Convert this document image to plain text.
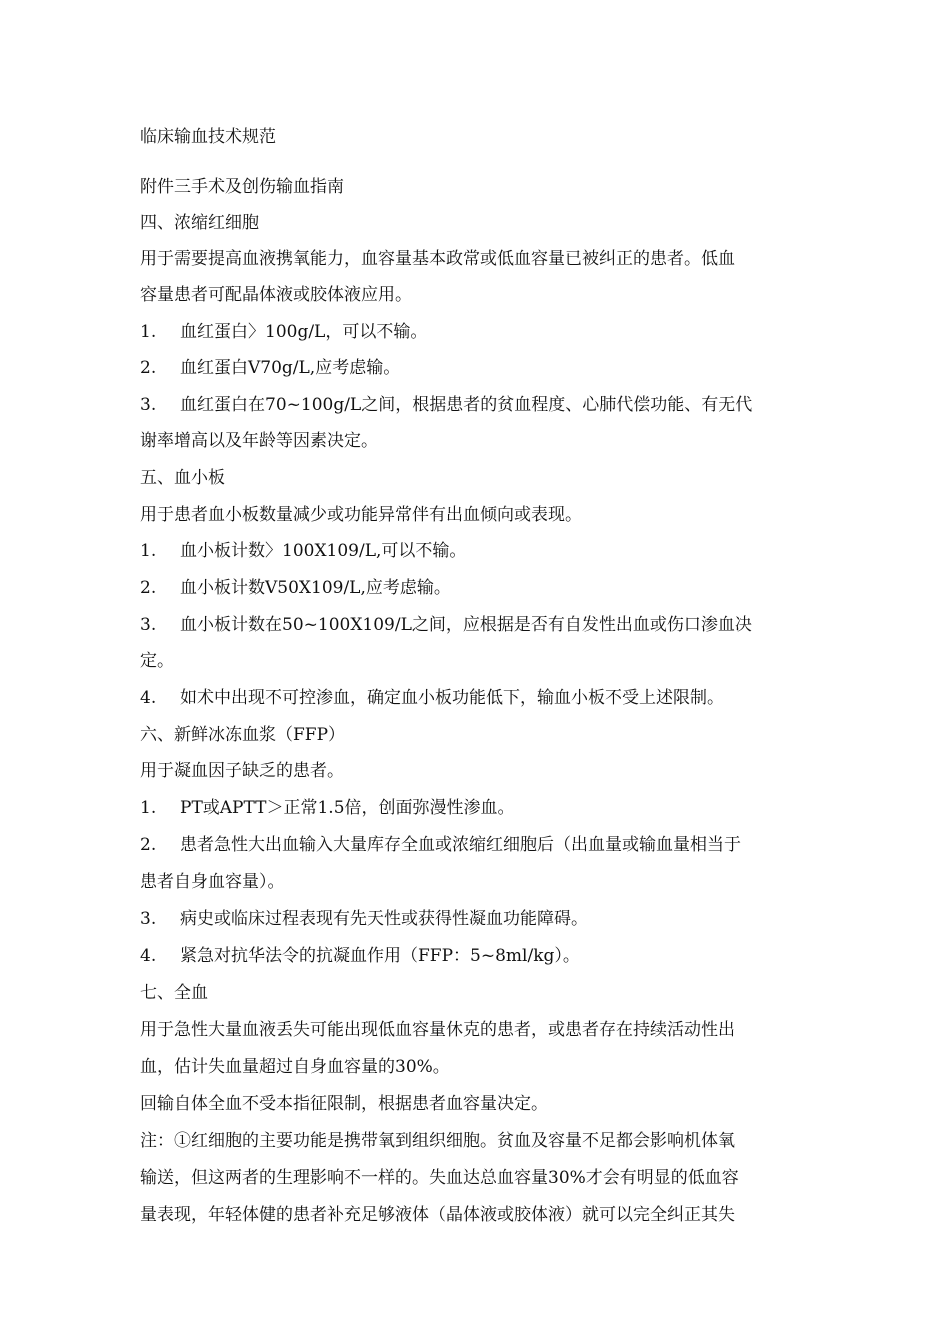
临床输血技术规范
附件三手术及创伤输血指南
四、浓缩红细胞
用于需要提高血液携氧能力，血容量基本政常或低血容量已被纠正的患者。低血
容量患者可配晶体液或胶体液应用。
1. 血红蛋白〉100g/L，可以不输。
2. 血红蛋白V70g/L,应考虑输。
3. 血红蛋白在70~100g/L之间，根据患者的贫血程度、心肺代偿功能、有无代
谢率增高以及年龄等因素决定。
五、血小板
用于患者血小板数量减少或功能异常伴有出血倾向或表现。
1. 血小板计数〉100X109/L,可以不输。
2. 血小板计数V50X109/L,应考虑输。
3. 血小板计数在50~100X109/L之间，应根据是否有自发性出血或伤口渗血决
定。
4. 如术中出现不可控渗血，确定血小板功能低下，输血小板不受上述限制。
六、新鲜冰冻血浆（FFP）
用于凝血因子缺乏的患者。
1. PT或APTT＞正常1.5倍，创面弥漫性渗血。
2. 患者急性大出血输入大量库存全血或浓缩红细胞后（出血量或输血量相当于
患者自身血容量）。
3. 病史或临床过程表现有先天性或获得性凝血功能障碍。
4. 紧急对抗华法令的抗凝血作用（FFP：5~8ml/kg）。
七、全血
用于急性大量血液丢失可能出现低血容量休克的患者，或患者存在持续活动性出
血，估计失血量超过自身血容量的30%。
回输自体全血不受本指征限制，根据患者血容量决定。
注：①红细胞的主要功能是携带氧到组织细胞。贫血及容量不足都会影响机体氧
输送，但这两者的生理影响不一样的。失血达总血容量30%才会有明显的低血容
量表现，年轻体健的患者补充足够液体（晶体液或胶体液）就可以完全纠正其失
